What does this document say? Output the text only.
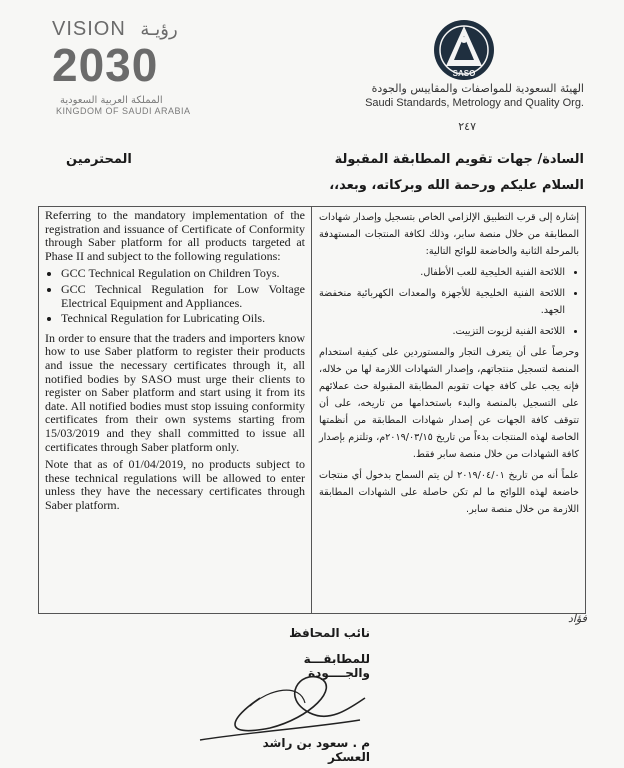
VISION رؤيـة
2030
المملكة العربية السعودية
KINGDOM OF SAUDI ARABIA
SASO
الهيئة السعودية للمواصفات والمقاييس والجودة
Saudi Standards, Metrology and Quality Org.
٢٤٧
السادة/ جهات تقويم المطابقة المقبولة
المحترمين
السلام عليكم ورحمة الله وبركاته، وبعد،،

Referring to the mandatory implementation of the registration and issuance of Certificate of Conformity through Saber platform for all products targeted at Phase II and subject to the following regulations:

• GCC Technical Regulation on Children Toys.
• GCC Technical Regulation for Low Voltage Electrical Equipment and Appliances.
• Technical Regulation for Lubricating Oils.

In order to ensure that the traders and importers know how to use Saber platform to register their products and issue the necessary certificates through it, all notified bodies by SASO must urge their clients to register on Saber platform and start using it from its date. All notified bodies must stop issuing conformity certificates from their own systems starting from 15/03/2019 and they shall committed to issue all certificates through Saber platform only.

Note that as of 01/04/2019, no products subject to these technical regulations will be allowed to enter unless they have the necessary certificates through Saber platform.

إشارة إلى قرب التطبيق الإلزامي الخاص بتسجيل وإصدار شهادات المطابقة من خلال منصة سابر، وذلك لكافة المنتجات المستهدفة بالمرحلة الثانية والخاضعة للوائح التالية:

• اللائحة الفنية الخليجية للعب الأطفال.
• اللائحة الفنية الخليجية للأجهزة والمعدات الكهربائية منخفضة الجهد.
• اللائحة الفنية لزيوت التزييت.

وحرصاً على أن يتعرف التجار والمستوردين على كيفية استخدام المنصة لتسجيل منتجاتهم، وإصدار الشهادات اللازمة لها من خلاله، فإنه يجب على كافة جهات تقويم المطابقة المقبولة حث عملائهم على التسجيل بالمنصة والبدء باستخدامها من تاريخه، على أن تتوقف كافة الجهات عن إصدار شهادات المطابقة من أنظمتها الخاصة لهذه المنتجات بدءاً من تاريخ ٢٠١٩/٠٣/١٥م، وتلتزم بإصدار كافة الشهادات من خلال منصة سابر فقط.

علماً أنه من تاريخ ٢٠١٩/٠٤/٠١ لن يتم السماح بدخول أي منتجات خاضعة لهذه اللوائح ما لم تكن حاصلة على الشهادات المطابقة اللازمة من خلال منصة سابر.

فؤاد
نائب المحافظ
للمطابقـــة والجــــودة
م . سعود بن راشد العسكر
